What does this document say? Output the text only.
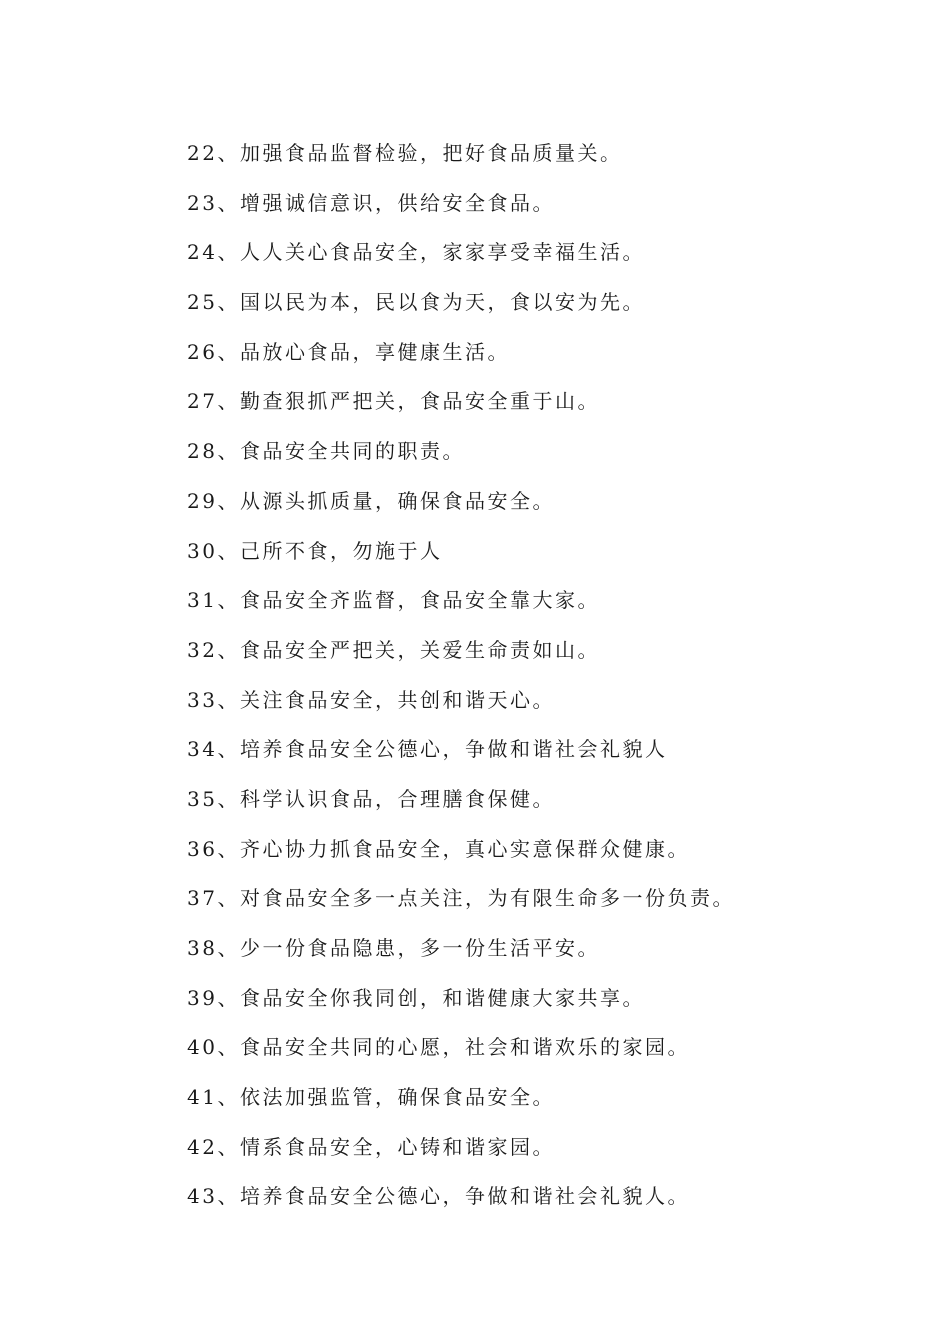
22、加强食品监督检验，把好食品质量关。
23、增强诚信意识，供给安全食品。
24、人人关心食品安全，家家享受幸福生活。
25、国以民为本，民以食为天，食以安为先。
26、品放心食品，享健康生活。
27、勤查狠抓严把关，食品安全重于山。
28、食品安全共同的职责。
29、从源头抓质量，确保食品安全。
30、己所不食，勿施于人
31、食品安全齐监督，食品安全靠大家。
32、食品安全严把关，关爱生命责如山。
33、关注食品安全，共创和谐天心。
34、培养食品安全公德心，争做和谐社会礼貌人
35、科学认识食品，合理膳食保健。
36、齐心协力抓食品安全，真心实意保群众健康。
37、对食品安全多一点关注，为有限生命多一份负责。
38、少一份食品隐患，多一份生活平安。
39、食品安全你我同创，和谐健康大家共享。
40、食品安全共同的心愿，社会和谐欢乐的家园。
41、依法加强监管，确保食品安全。
42、情系食品安全，心铸和谐家园。
43、培养食品安全公德心，争做和谐社会礼貌人。
